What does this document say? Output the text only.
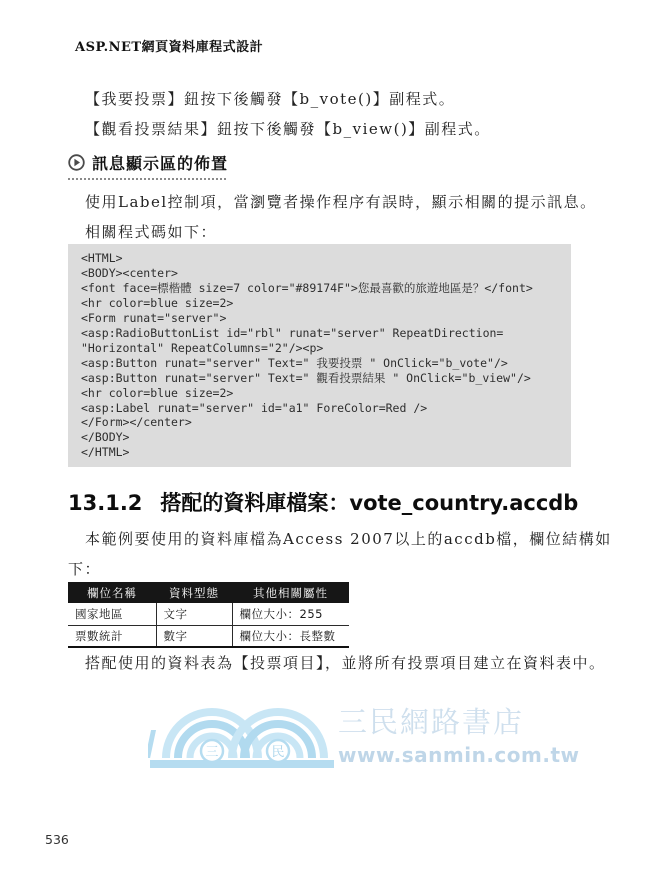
ASP.NET網頁資料庫程式設計
【我要投票】鈕按下後觸發【b_vote()】副程式。
【觀看投票結果】鈕按下後觸發【b_view()】副程式。
訊息顯示區的佈置
使用Label控制項，當瀏覽者操作程序有誤時，顯示相關的提示訊息。
相關程式碼如下：
<HTML>
<BODY><center>
<font face=標楷體 size=7 color="#89174F">您最喜歡的旅遊地區是？</font>
<hr color=blue size=2>
<Form runat="server">
<asp:RadioButtonList id="rbl" runat="server" RepeatDirection=
"Horizontal" RepeatColumns="2"/><p>
<asp:Button runat="server" Text=" 我要投票 " OnClick="b_vote"/>
<asp:Button runat="server" Text=" 觀看投票結果 " OnClick="b_view"/>
<hr color=blue size=2>
<asp:Label runat="server" id="a1" ForeColor=Red />
</Form></center>
</BODY>
</HTML>
13.1.2 搭配的資料庫檔案：vote_country.accdb
本範例要使用的資料庫檔為Access 2007以上的accdb檔，欄位結構如
下：
欄位名稱	資料型態	其他相關屬性
國家地區	文字	欄位大小：255
票數統計	數字	欄位大小：長整數
搭配使用的資料表為【投票項目】，並將所有投票項目建立在資料表中。
三	民
三民網路書店
www.sanmin.com.tw
536
